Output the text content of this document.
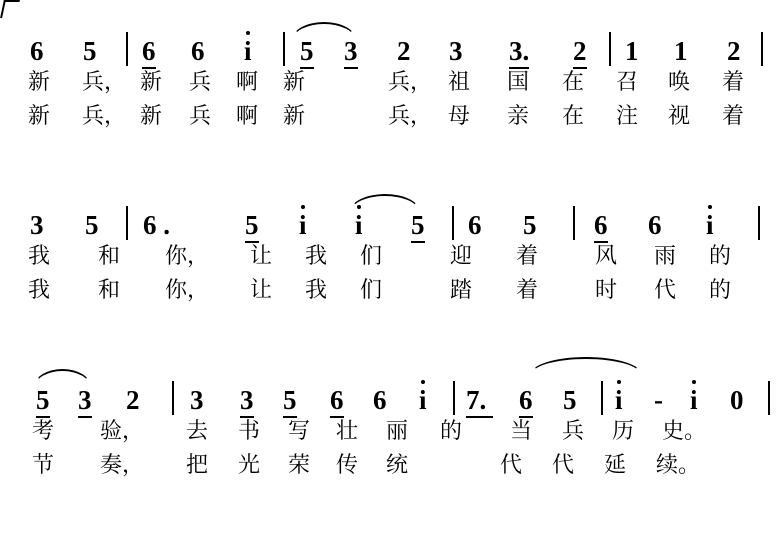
6 5 6 6 i 5 3 2 3 3. 2 1 1 2
新 兵， 新 兵 啊 新	兵， 祖 国 在 召 唤 着
新 兵， 新 兵 啊 新	兵， 母 亲 在 注 视 着
3 5 6 .	5 i i 5 6 5 6 6 i
我 和 你， 让 我 们	迎 着	风 雨 的
我 和 你， 让 我 们	踏 着	时 代 的
5 3 2 3 3 5 6 6 i 7. 6 5 i - i 0
考 验， 去 书 写 壮 丽 的 当 兵 历 史。
节 奏， 把 光 荣 传 统	代 代 延 续。
